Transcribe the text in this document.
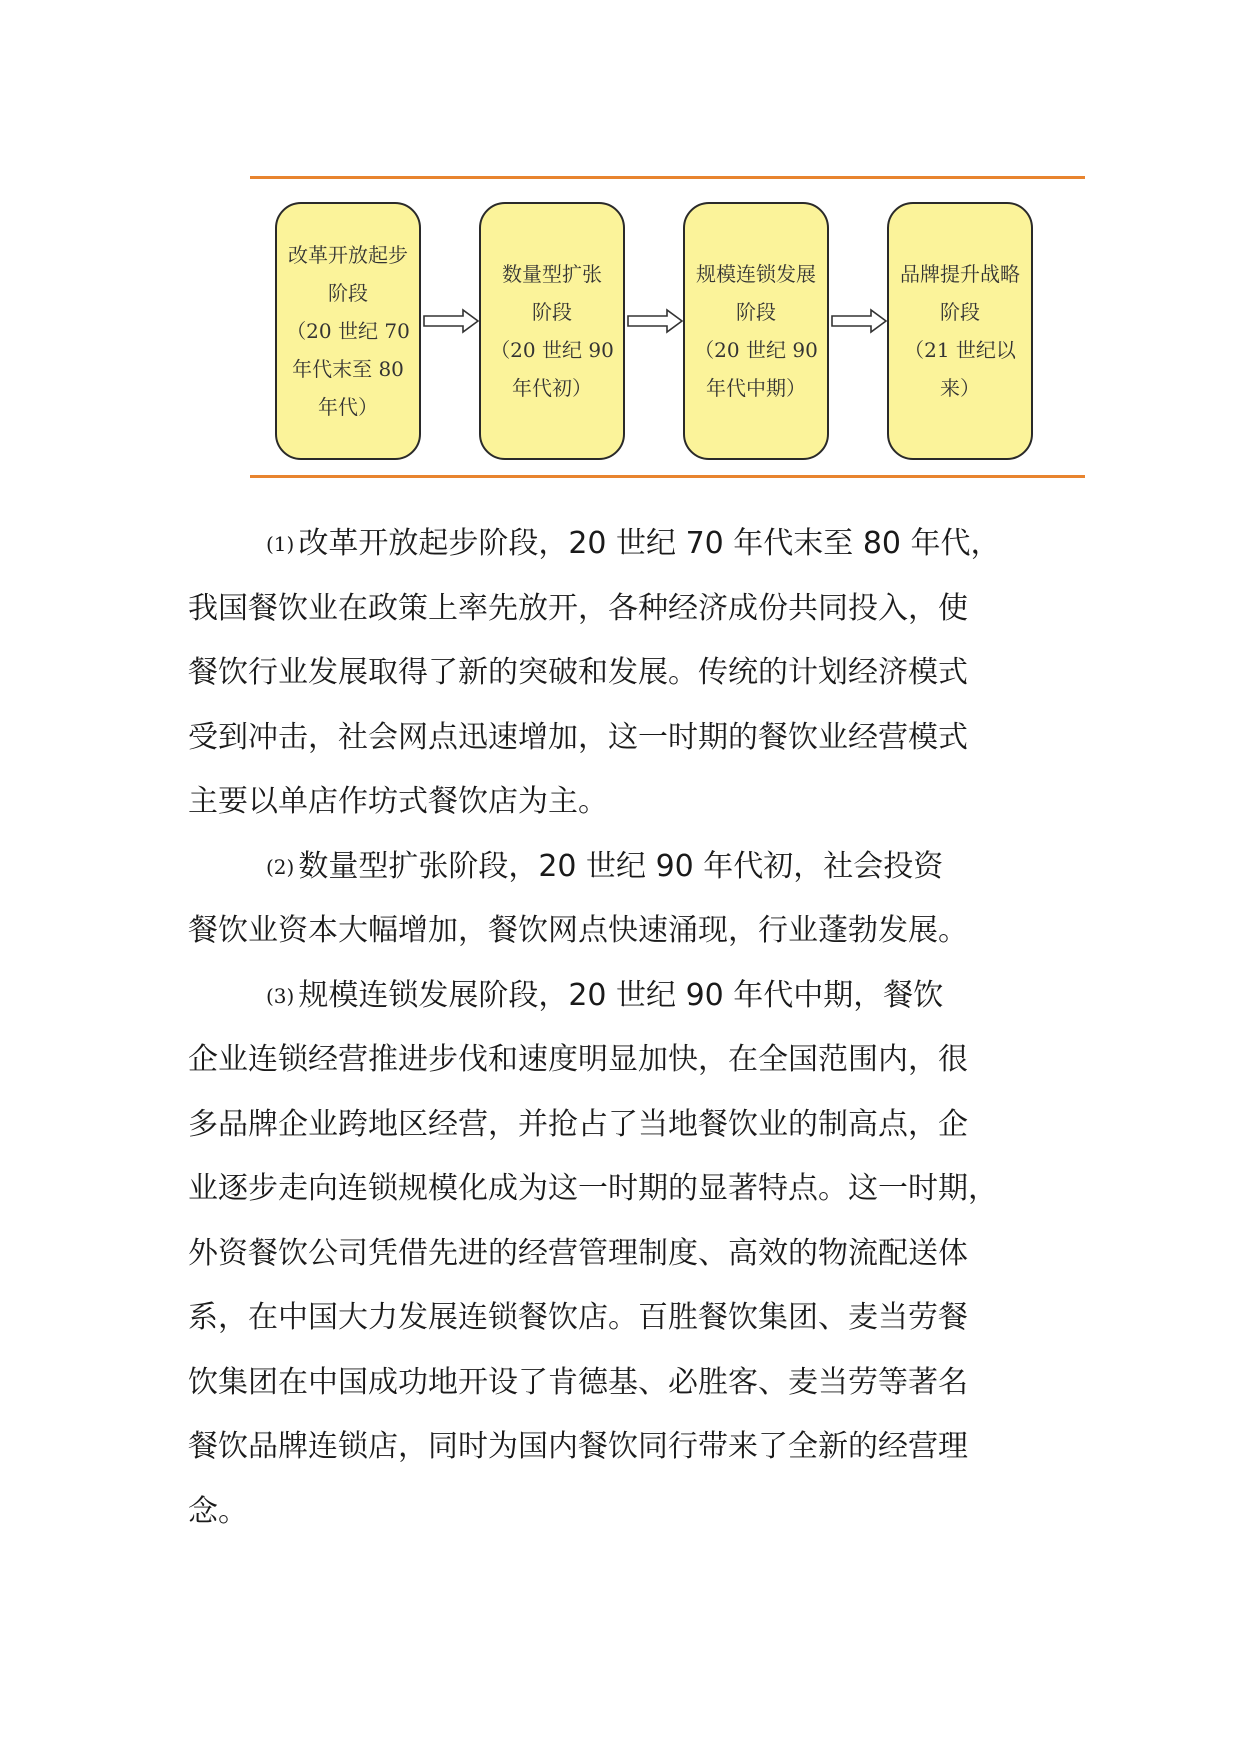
改革开放起步
阶段
（20 世纪 70
年代末至 80
年代）
数量型扩张
阶段
（20 世纪 90
年代初）
规模连锁发展
阶段
（20 世纪 90
年代中期）
品牌提升战略
阶段
（21 世纪以
来）
(1) 改革开放起步阶段，20 世纪 70 年代末至 80 年代，
我国餐饮业在政策上率先放开，各种经济成份共同投入，使
餐饮行业发展取得了新的突破和发展。传统的计划经济模式
受到冲击，社会网点迅速增加，这一时期的餐饮业经营模式
主要以单店作坊式餐饮店为主。
(2) 数量型扩张阶段，20 世纪 90 年代初，社会投资
餐饮业资本大幅增加，餐饮网点快速涌现，行业蓬勃发展。
(3) 规模连锁发展阶段，20 世纪 90 年代中期，餐饮
企业连锁经营推进步伐和速度明显加快，在全国范围内，很
多品牌企业跨地区经营，并抢占了当地餐饮业的制高点，企
业逐步走向连锁规模化成为这一时期的显著特点。这一时期，
外资餐饮公司凭借先进的经营管理制度、高效的物流配送体
系，在中国大力发展连锁餐饮店。百胜餐饮集团、麦当劳餐
饮集团在中国成功地开设了肯德基、必胜客、麦当劳等著名
餐饮品牌连锁店，同时为国内餐饮同行带来了全新的经营理
念。
